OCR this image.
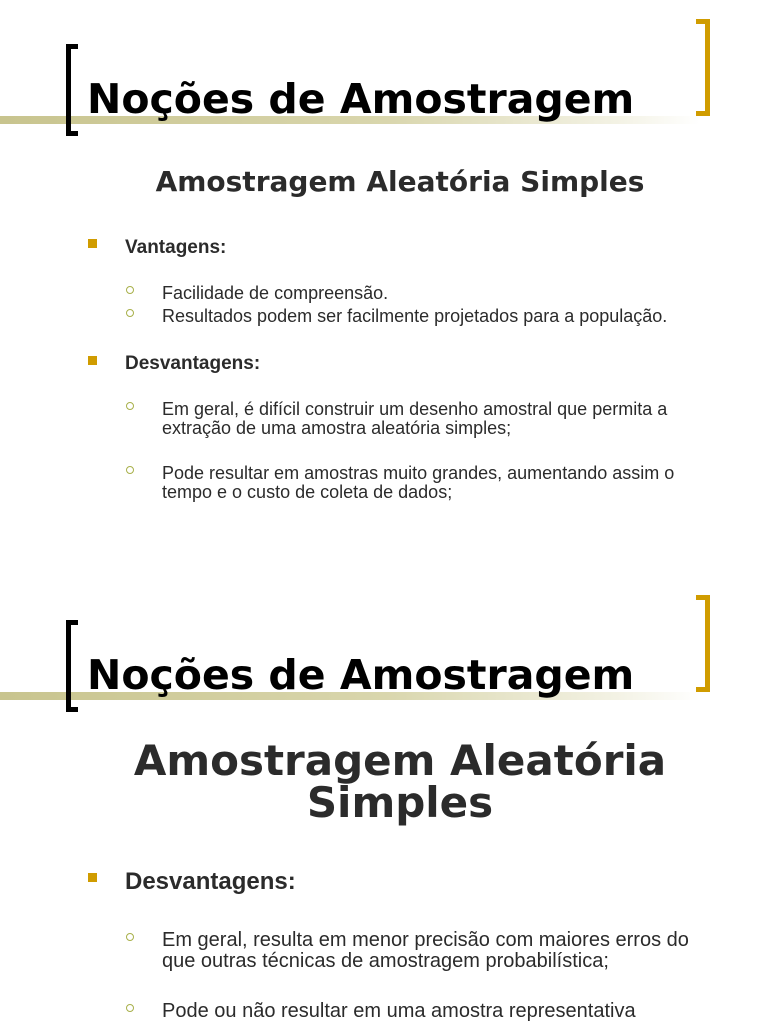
Noções de Amostragem
Amostragem Aleatória Simples

Vantagens:

Facilidade de compreensão.

Resultados podem ser facilmente projetados para a população.

Desvantagens:

Em geral, é difícil construir um desenho amostral que permita a extração de uma amostra aleatória simples;

Pode resultar em amostras muito grandes, aumentando assim o tempo e o custo de coleta de dados;

Noções de Amostragem
Amostragem Aleatória Simples

Desvantagens:

Em geral, resulta em menor precisão com maiores erros do que outras técnicas de amostragem probabilística;

Pode ou não resultar em uma amostra representativa
